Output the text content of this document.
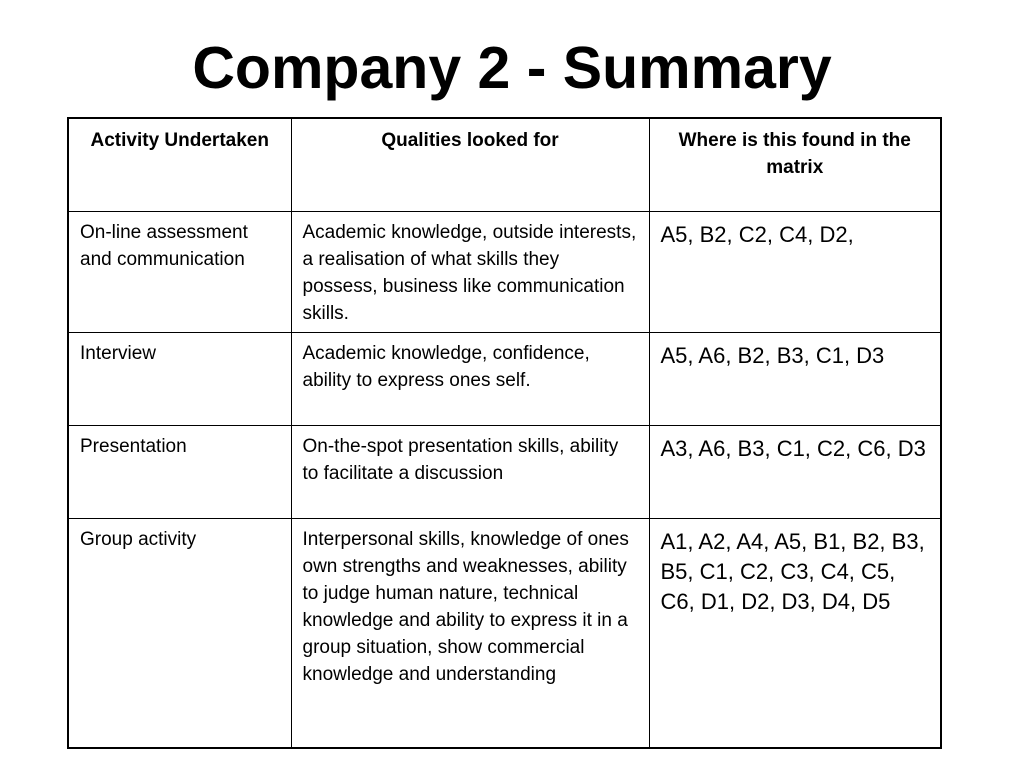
Company 2 - Summary
Activity Undertaken	Qualities looked for	Where is this found in the matrix
On-line assessment and communication	Academic knowledge, outside interests, a realisation of what skills they possess, business like communication skills.	A5, B2, C2, C4, D2,
Interview	Academic knowledge, confidence, ability to express ones self.	A5, A6, B2, B3, C1, D3
Presentation	On-the-spot presentation skills, ability to facilitate a discussion	A3, A6, B3, C1, C2, C6, D3
Group activity	Interpersonal skills, knowledge of ones own strengths and weaknesses, ability to judge human nature, technical knowledge and ability to express it in a group situation, show commercial knowledge and understanding	A1, A2, A4, A5, B1, B2, B3, B5, C1, C2, C3, C4, C5, C6, D1, D2, D3, D4, D5
